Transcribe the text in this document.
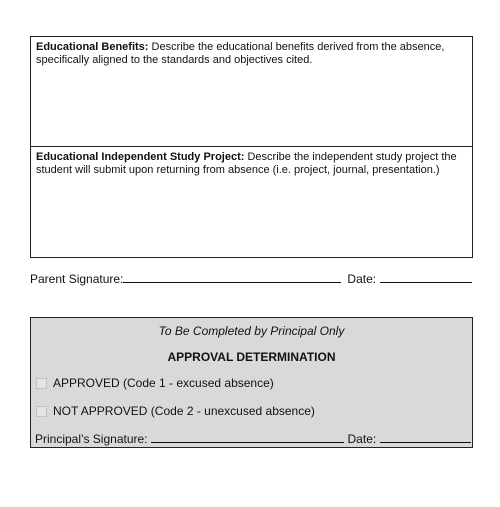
Educational Benefits: Describe the educational benefits derived from the absence, specifically aligned to the standards and objectives cited.
Educational Independent Study Project: Describe the independent study project the student will submit upon returning from absence (i.e. project, journal, presentation.)
Parent Signature:	Date:
To Be Completed by Principal Only
APPROVAL DETERMINATION
APPROVED (Code 1 - excused absence)
NOT APPROVED (Code 2 - unexcused absence)
Principal’s Signature:	Date:
